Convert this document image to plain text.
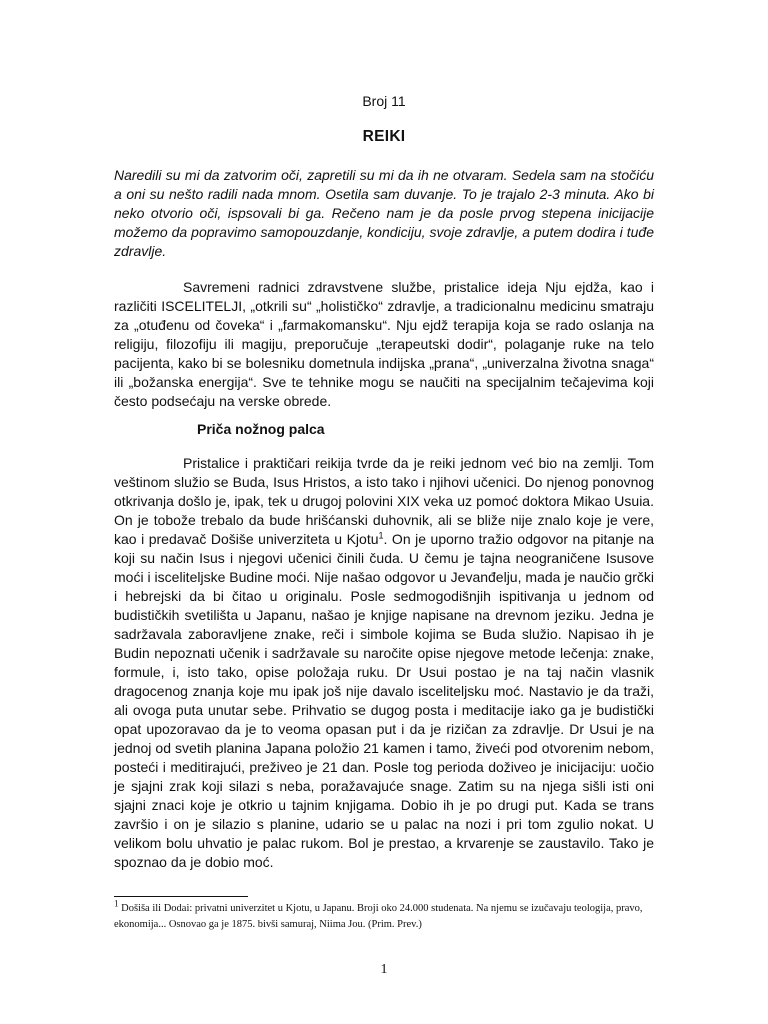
Broj 11
REIKI

Naredili su mi da zatvorim oči, zapretili su mi da ih ne otvaram. Sedela sam na stočiću a oni su nešto radili nada mnom. Osetila sam duvanje. To je trajalo 2-3 minuta. Ako bi neko otvorio oči, ispsovali bi ga. Rečeno nam je da posle prvog stepena inicijacije možemo da popravimo samopouzdanje, kondiciju, svoje zdravlje, a putem dodira i tuđe zdravlje.

Savremeni radnici zdravstvene službe, pristalice ideja Nju ejdža, kao i različiti ISCELITELJI, „otkrili su“ „holističko“ zdravlje, a tradicionalnu medicinu smatraju za „otuđenu od čoveka“ i „farmakomansku“. Nju ejdž terapija koja se rado oslanja na religiju, filozofiju ili magiju, preporučuje „terapeutski dodir“, polaganje ruke na telo pacijenta, kako bi se bolesniku dometnula indijska „prana“, „univerzalna životna snaga“ ili „božanska energija“. Sve te tehnike mogu se naučiti na specijalnim tečajevima koji često podsećaju na verske obrede.

Priča nožnog palca

Pristalice i praktičari reikija tvrde da je reiki jednom već bio na zemlji. Tom veštinom služio se Buda, Isus Hristos, a isto tako i njihovi učenici. Do njenog ponovnog otkrivanja došlo je, ipak, tek u drugoj polovini XIX veka uz pomoć doktora Mikao Usuia. On je tobože trebalo da bude hrišćanski duhovnik, ali se bliže nije znalo koje je vere, kao i predavač Došiše univerziteta u Kjotu$^1$. On je uporno tražio odgovor na pitanje na koji su način Isus i njegovi učenici činili čuda. U čemu je tajna neograničene Isusove moći i isceliteljske Budine moći. Nije našao odgovor u Jevanđelju, mada je naučio grčki i hebrejski da bi čitao u originalu. Posle sedmogodišnjih ispitivanja u jednom od budističkih svetilišta u Japanu, našao je knjige napisane na drevnom jeziku. Jedna je sadržavala zaboravljene znake, reči i simbole kojima se Buda služio. Napisao ih je Budin nepoznati učenik i sadržavale su naročite opise njegove metode lečenja: znake, formule, i, isto tako, opise položaja ruku. Dr Usui postao je na taj način vlasnik dragocenog znanja koje mu ipak još nije davalo isceliteljsku moć. Nastavio je da traži, ali ovoga puta unutar sebe. Prihvatio se dugog posta i meditacije iako ga je budistički opat upozoravao da je to veoma opasan put i da je rizičan za zdravlje. Dr Usui je na jednoj od svetih planina Japana položio 21 kamen i tamo, živeći pod otvorenim nebom, posteći i meditirajući, preživeo je 21 dan. Posle tog perioda doživeo je inicijaciju: uočio je sjajni zrak koji silazi s neba, poražavajuće snage. Zatim su na njega sišli isti oni sjajni znaci koje je otkrio u tajnim knjigama. Dobio ih je po drugi put. Kada se trans završio i on je silazio s planine, udario se u palac na nozi i pri tom zgulio nokat. U velikom bolu uhvatio je palac rukom. Bol je prestao, a krvarenje se zaustavilo. Tako je spoznao da je dobio moć.

$^1$ Došiša ili Dodai: privatni univerzitet u Kjotu, u Japanu. Broji oko 24.000 studenata. Na njemu se izučavaju teologija, pravo, ekonomija... Osnovao ga je 1875. bivši samuraj, Niima Jou. (Prim. Prev.)

1
